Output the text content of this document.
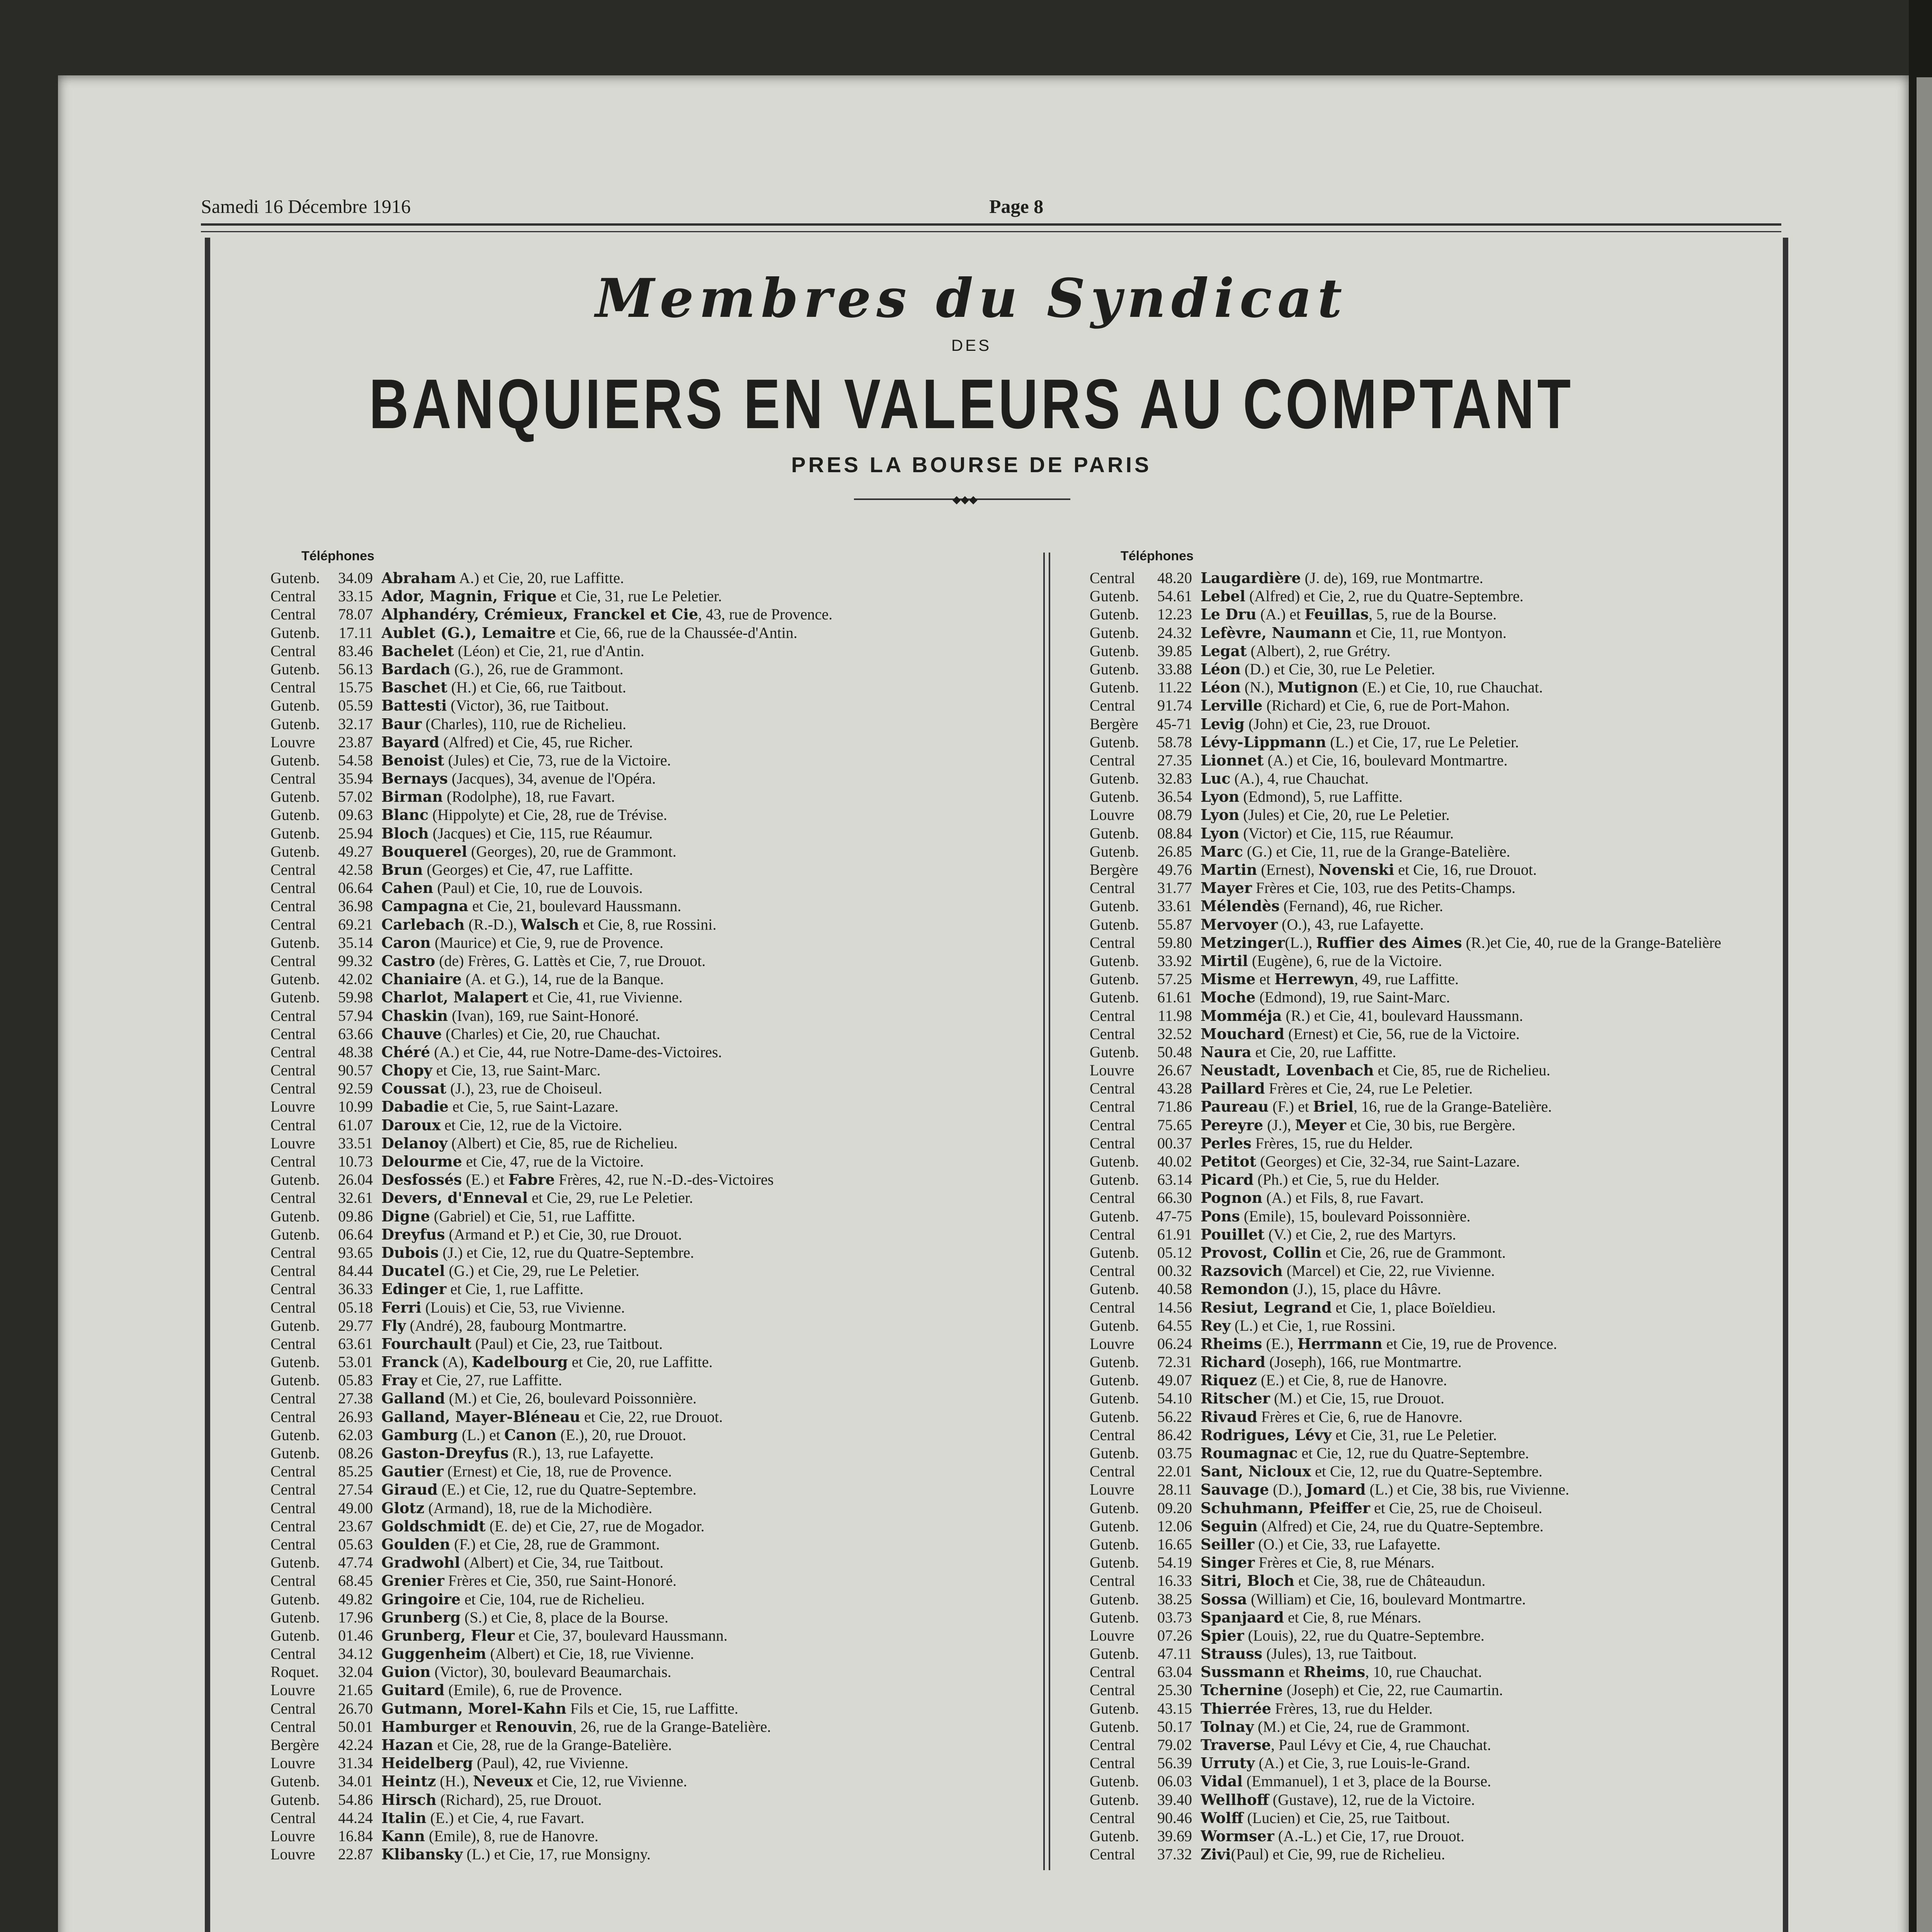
Samedi 16 Décembre 1916	Page 8
Membres du Syndicat
DES
BANQUIERS EN VALEURS AU COMPTANT
PRES LA BOURSE DE PARIS
◆◆◆
Téléphones
Gutenb.	34.09 Abraham A.) et Cie, 20, rue Laffitte.
Central	33.15 Ador, Magnin, Frique et Cie, 31, rue Le Peletier.
Central	78.07 Alphandéry, Crémieux, Franckel et Cie, 43, rue de Provence.
Gutenb.	17.11 Aublet (G.), Lemaitre et Cie, 66, rue de la Chaussée-d'Antin.
Central	83.46 Bachelet (Léon) et Cie, 21, rue d'Antin.
Gutenb.	56.13 Bardach (G.), 26, rue de Grammont.
Central	15.75 Baschet (H.) et Cie, 66, rue Taitbout.
Gutenb.	05.59 Battesti (Victor), 36, rue Taitbout.
Gutenb.	32.17 Baur (Charles), 110, rue de Richelieu.
Louvre	23.87 Bayard (Alfred) et Cie, 45, rue Richer.
Gutenb.	54.58 Benoist (Jules) et Cie, 73, rue de la Victoire.
Central	35.94 Bernays (Jacques), 34, avenue de l'Opéra.
Gutenb.	57.02 Birman (Rodolphe), 18, rue Favart.
Gutenb.	09.63 Blanc (Hippolyte) et Cie, 28, rue de Trévise.
Gutenb.	25.94 Bloch (Jacques) et Cie, 115, rue Réaumur.
Gutenb.	49.27 Bouquerel (Georges), 20, rue de Grammont.
Central	42.58 Brun (Georges) et Cie, 47, rue Laffitte.
Central	06.64 Cahen (Paul) et Cie, 10, rue de Louvois.
Central	36.98 Campagna et Cie, 21, boulevard Haussmann.
Central	69.21 Carlebach (R.-D.), Walsch et Cie, 8, rue Rossini.
Gutenb.	35.14 Caron (Maurice) et Cie, 9, rue de Provence.
Central	99.32 Castro (de) Frères, G. Lattès et Cie, 7, rue Drouot.
Gutenb.	42.02 Chaniaire (A. et G.), 14, rue de la Banque.
Gutenb.	59.98 Charlot, Malapert et Cie, 41, rue Vivienne.
Central	57.94 Chaskin (Ivan), 169, rue Saint-Honoré.
Central	63.66 Chauve (Charles) et Cie, 20, rue Chauchat.
Central	48.38 Chéré (A.) et Cie, 44, rue Notre-Dame-des-Victoires.
Central	90.57 Chopy et Cie, 13, rue Saint-Marc.
Central	92.59 Coussat (J.), 23, rue de Choiseul.
Louvre	10.99 Dabadie et Cie, 5, rue Saint-Lazare.
Central	61.07 Daroux et Cie, 12, rue de la Victoire.
Louvre	33.51 Delanoy (Albert) et Cie, 85, rue de Richelieu.
Central	10.73 Delourme et Cie, 47, rue de la Victoire.
Gutenb.	26.04 Desfossés (E.) et Fabre Frères, 42, rue N.-D.-des-Victoires
Central	32.61 Devers, d'Enneval et Cie, 29, rue Le Peletier.
Gutenb.	09.86 Digne (Gabriel) et Cie, 51, rue Laffitte.
Gutenb.	06.64 Dreyfus (Armand et P.) et Cie, 30, rue Drouot.
Central	93.65 Dubois (J.) et Cie, 12, rue du Quatre-Septembre.
Central	84.44 Ducatel (G.) et Cie, 29, rue Le Peletier.
Central	36.33 Edinger et Cie, 1, rue Laffitte.
Central	05.18 Ferri (Louis) et Cie, 53, rue Vivienne.
Gutenb.	29.77 Fly (André), 28, faubourg Montmartre.
Central	63.61 Fourchault (Paul) et Cie, 23, rue Taitbout.
Gutenb.	53.01 Franck (A), Kadelbourg et Cie, 20, rue Laffitte.
Gutenb.	05.83 Fray et Cie, 27, rue Laffitte.
Central	27.38 Galland (M.) et Cie, 26, boulevard Poissonnière.
Central	26.93 Galland, Mayer-Bléneau et Cie, 22, rue Drouot.
Gutenb.	62.03 Gamburg (L.) et Canon (E.), 20, rue Drouot.
Gutenb.	08.26 Gaston-Dreyfus (R.), 13, rue Lafayette.
Central	85.25 Gautier (Ernest) et Cie, 18, rue de Provence.
Central	27.54 Giraud (E.) et Cie, 12, rue du Quatre-Septembre.
Central	49.00 Glotz (Armand), 18, rue de la Michodière.
Central	23.67 Goldschmidt (E. de) et Cie, 27, rue de Mogador.
Central	05.63 Goulden (F.) et Cie, 28, rue de Grammont.
Gutenb.	47.74 Gradwohl (Albert) et Cie, 34, rue Taitbout.
Central	68.45 Grenier Frères et Cie, 350, rue Saint-Honoré.
Gutenb.	49.82 Gringoire et Cie, 104, rue de Richelieu.
Gutenb.	17.96 Grunberg (S.) et Cie, 8, place de la Bourse.
Gutenb.	01.46 Grunberg, Fleur et Cie, 37, boulevard Haussmann.
Central	34.12 Guggenheim (Albert) et Cie, 18, rue Vivienne.
Roquet.	32.04 Guion (Victor), 30, boulevard Beaumarchais.
Louvre	21.65 Guitard (Emile), 6, rue de Provence.
Central	26.70 Gutmann, Morel-Kahn Fils et Cie, 15, rue Laffitte.
Central	50.01 Hamburger et Renouvin, 26, rue de la Grange-Batelière.
Bergère	42.24 Hazan et Cie, 28, rue de la Grange-Batelière.
Louvre	31.34 Heidelberg (Paul), 42, rue Vivienne.
Gutenb.	34.01 Heintz (H.), Neveux et Cie, 12, rue Vivienne.
Gutenb.	54.86 Hirsch (Richard), 25, rue Drouot.
Central	44.24 Italin (E.) et Cie, 4, rue Favart.
Louvre	16.84 Kann (Emile), 8, rue de Hanovre.
Louvre	22.87 Klibansky (L.) et Cie, 17, rue Monsigny.
Téléphones
Central	48.20 Laugardière (J. de), 169, rue Montmartre.
Gutenb.	54.61 Lebel (Alfred) et Cie, 2, rue du Quatre-Septembre.
Gutenb.	12.23 Le Dru (A.) et Feuillas, 5, rue de la Bourse.
Gutenb.	24.32 Lefèvre, Naumann et Cie, 11, rue Montyon.
Gutenb.	39.85 Legat (Albert), 2, rue Grétry.
Gutenb.	33.88 Léon (D.) et Cie, 30, rue Le Peletier.
Gutenb.	11.22 Léon (N.), Mutignon (E.) et Cie, 10, rue Chauchat.
Central	91.74 Lerville (Richard) et Cie, 6, rue de Port-Mahon.
Bergère	45-71 Levig (John) et Cie, 23, rue Drouot.
Gutenb.	58.78 Lévy-Lippmann (L.) et Cie, 17, rue Le Peletier.
Central	27.35 Lionnet (A.) et Cie, 16, boulevard Montmartre.
Gutenb.	32.83 Luc (A.), 4, rue Chauchat.
Gutenb.	36.54 Lyon (Edmond), 5, rue Laffitte.
Louvre	08.79 Lyon (Jules) et Cie, 20, rue Le Peletier.
Gutenb.	08.84 Lyon (Victor) et Cie, 115, rue Réaumur.
Gutenb.	26.85 Marc (G.) et Cie, 11, rue de la Grange-Batelière.
Bergère	49.76 Martin (Ernest), Novenski et Cie, 16, rue Drouot.
Central	31.77 Mayer Frères et Cie, 103, rue des Petits-Champs.
Gutenb.	33.61 Mélendès (Fernand), 46, rue Richer.
Gutenb.	55.87 Mervoyer (O.), 43, rue Lafayette.
Central	59.80 Metzinger(L.), Ruffier des Aimes (R.)et Cie, 40, rue de la Grange-Batelière
Gutenb.	33.92 Mirtil (Eugène), 6, rue de la Victoire.
Gutenb.	57.25 Misme et Herrewyn, 49, rue Laffitte.
Gutenb.	61.61 Moche (Edmond), 19, rue Saint-Marc.
Central	11.98 Momméja (R.) et Cie, 41, boulevard Haussmann.
Central	32.52 Mouchard (Ernest) et Cie, 56, rue de la Victoire.
Gutenb.	50.48 Naura et Cie, 20, rue Laffitte.
Louvre	26.67 Neustadt, Lovenbach et Cie, 85, rue de Richelieu.
Central	43.28 Paillard Frères et Cie, 24, rue Le Peletier.
Central	71.86 Paureau (F.) et Briel, 16, rue de la Grange-Batelière.
Central	75.65 Pereyre (J.), Meyer et Cie, 30 bis, rue Bergère.
Central	00.37 Perles Frères, 15, rue du Helder.
Gutenb.	40.02 Petitot (Georges) et Cie, 32-34, rue Saint-Lazare.
Gutenb.	63.14 Picard (Ph.) et Cie, 5, rue du Helder.
Central	66.30 Pognon (A.) et Fils, 8, rue Favart.
Gutenb.	47-75 Pons (Emile), 15, boulevard Poissonnière.
Central	61.91 Pouillet (V.) et Cie, 2, rue des Martyrs.
Gutenb.	05.12 Provost, Collin et Cie, 26, rue de Grammont.
Central	00.32 Razsovich (Marcel) et Cie, 22, rue Vivienne.
Gutenb.	40.58 Remondon (J.), 15, place du Hâvre.
Central	14.56 Resiut, Legrand et Cie, 1, place Boïeldieu.
Gutenb.	64.55 Rey (L.) et Cie, 1, rue Rossini.
Louvre	06.24 Rheims (E.), Herrmann et Cie, 19, rue de Provence.
Gutenb.	72.31 Richard (Joseph), 166, rue Montmartre.
Gutenb.	49.07 Riquez (E.) et Cie, 8, rue de Hanovre.
Gutenb.	54.10 Ritscher (M.) et Cie, 15, rue Drouot.
Gutenb.	56.22 Rivaud Frères et Cie, 6, rue de Hanovre.
Central	86.42 Rodrigues, Lévy et Cie, 31, rue Le Peletier.
Gutenb.	03.75 Roumagnac et Cie, 12, rue du Quatre-Septembre.
Central	22.01 Sant, Nicloux et Cie, 12, rue du Quatre-Septembre.
Louvre	28.11 Sauvage (D.), Jomard (L.) et Cie, 38 bis, rue Vivienne.
Gutenb.	09.20 Schuhmann, Pfeiffer et Cie, 25, rue de Choiseul.
Gutenb.	12.06 Seguin (Alfred) et Cie, 24, rue du Quatre-Septembre.
Gutenb.	16.65 Seiller (O.) et Cie, 33, rue Lafayette.
Gutenb.	54.19 Singer Frères et Cie, 8, rue Ménars.
Central	16.33 Sitri, Bloch et Cie, 38, rue de Châteaudun.
Gutenb.	38.25 Sossa (William) et Cie, 16, boulevard Montmartre.
Gutenb.	03.73 Spanjaard et Cie, 8, rue Ménars.
Louvre	07.26 Spier (Louis), 22, rue du Quatre-Septembre.
Gutenb.	47.11 Strauss (Jules), 13, rue Taitbout.
Central	63.04 Sussmann et Rheims, 10, rue Chauchat.
Central	25.30 Tchernine (Joseph) et Cie, 22, rue Caumartin.
Gutenb.	43.15 Thierrée Frères, 13, rue du Helder.
Gutenb.	50.17 Tolnay (M.) et Cie, 24, rue de Grammont.
Central	79.02 Traverse, Paul Lévy et Cie, 4, rue Chauchat.
Central	56.39 Urruty (A.) et Cie, 3, rue Louis-le-Grand.
Gutenb.	06.03 Vidal (Emmanuel), 1 et 3, place de la Bourse.
Gutenb.	39.40 Wellhoff (Gustave), 12, rue de la Victoire.
Central	90.46 Wolff (Lucien) et Cie, 25, rue Taitbout.
Gutenb.	39.69 Wormser (A.-L.) et Cie, 17, rue Drouot.
Central	37.32 Zivi(Paul) et Cie, 99, rue de Richelieu.
